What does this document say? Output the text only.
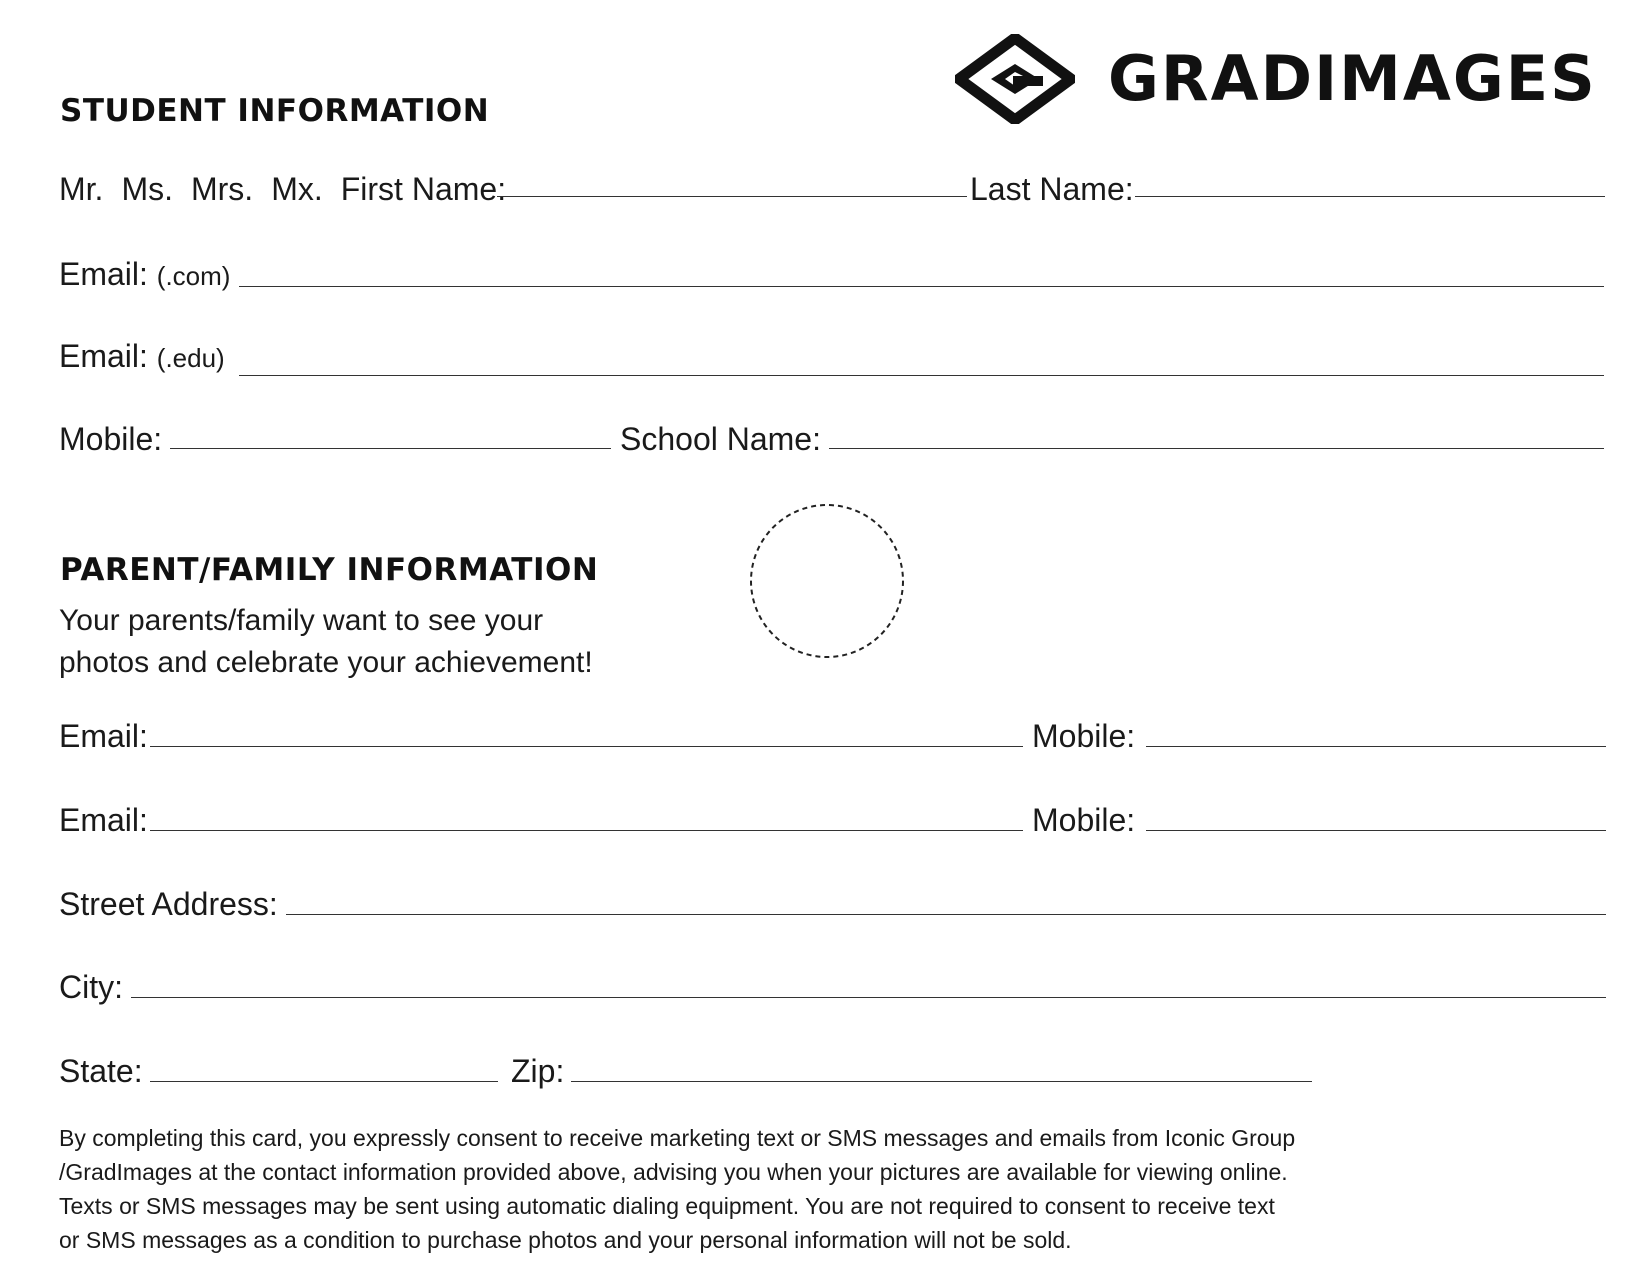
GRADIMAGES
STUDENT INFORMATION
Mr. Ms. Mrs. Mx. First Name:	Last Name:
Email: (.com)
Email: (.edu)
Mobile:	School Name:
PARENT/FAMILY INFORMATION
Your parents/family want to see your
photos and celebrate your achievement!
Email:	Mobile:
Email:	Mobile:
Street Address:
City:
State:	Zip:
By completing this card, you expressly consent to receive marketing text or SMS messages and emails from Iconic Group
/GradImages at the contact information provided above, advising you when your pictures are available for viewing online.
Texts or SMS messages may be sent using automatic dialing equipment. You are not required to consent to receive text
or SMS messages as a condition to purchase photos and your personal information will not be sold.
